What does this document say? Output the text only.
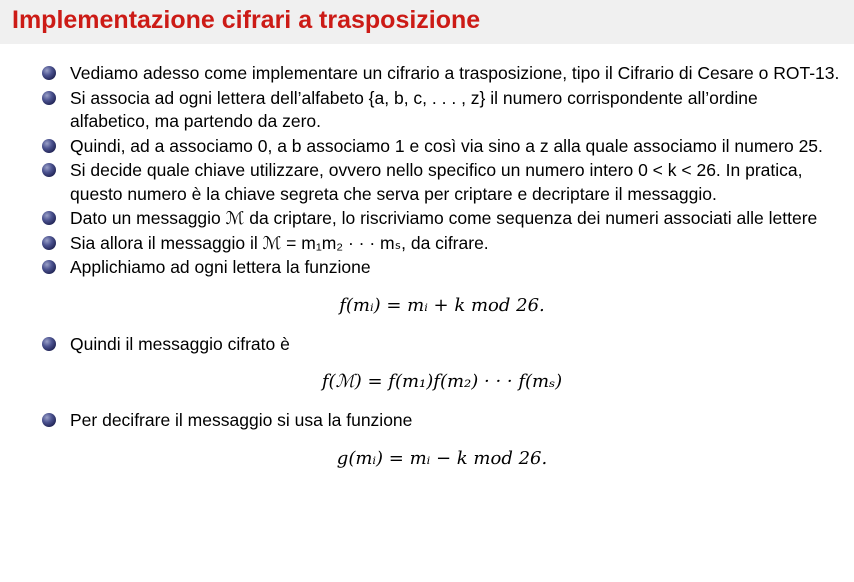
Implementazione cifrari a trasposizione
Vediamo adesso come implementare un cifrario a trasposizione, tipo il Cifrario di Cesare o ROT-13.
Si associa ad ogni lettera dell’alfabeto {a, b, c, . . . , z} il numero corrispondente all’ordine alfabetico, ma partendo da zero.
Quindi, ad a associamo 0, a b associamo 1 e così via sino a z alla quale associamo il numero 25.
Si decide quale chiave utilizzare, ovvero nello specifico un numero intero 0 < k < 26. In pratica, questo numero è la chiave segreta che serva per criptare e decriptare il messaggio.
Dato un messaggio ℳ da criptare, lo riscriviamo come sequenza dei numeri associati alle lettere
Sia allora il messaggio il ℳ = m₁m₂ · · · mₛ, da cifrare.
Applichiamo ad ogni lettera la funzione
f(mᵢ) = mᵢ + k mod 26.
Quindi il messaggio cifrato è
f(ℳ) = f(m₁)f(m₂) · · · f(mₛ)
Per decifrare il messaggio si usa la funzione
g(mᵢ) = mᵢ − k mod 26.
